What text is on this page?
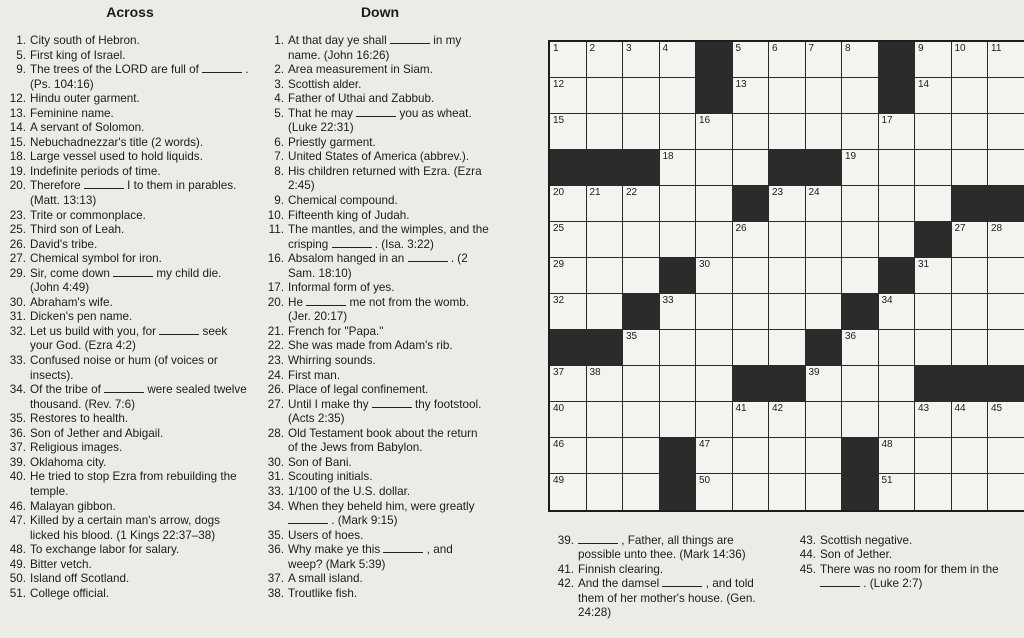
Across	Down
1. City south of Hebron.
5. First king of Israel.
9. The trees of the LORD are full of	. (Ps. 104:16)
12. Hindu outer garment.
13. Feminine name.
14. A servant of Solomon.
15. Nebuchadnezzar's title (2 words).
18. Large vessel used to hold liquids.
19. Indefinite periods of time.
20. Therefore	I to them in parables. (Matt. 13:13)
23. Trite or commonplace.
25. Third son of Leah.
26. David's tribe.
27. Chemical symbol for iron.
29. Sir, come down	my child die. (John 4:49)
30. Abraham's wife.
31. Dicken's pen name.
32. Let us build with you, for	seek your God. (Ezra 4:2)
33. Confused noise or hum (of voices or insects).
34. Of the tribe of	were sealed twelve thousand. (Rev. 7:6)
35. Restores to health.
36. Son of Jether and Abigail.
37. Religious images.
39. Oklahoma city.
40. He tried to stop Ezra from rebuilding the temple.
46. Malayan gibbon.
47. Killed by a certain man's arrow, dogs licked his blood. (1 Kings 22:37–38)
48. To exchange labor for salary.
49. Bitter vetch.
50. Island off Scotland.
51. College official.
1. At that day ye shall	in my name. (John 16:26)
2. Area measurement in Siam.
3. Scottish alder.
4. Father of Uthai and Zabbub.
5. That he may	you as wheat. (Luke 22:31)
6. Priestly garment.
7. United States of America (abbrev.).
8. His children returned with Ezra. (Ezra 2:45)
9. Chemical compound.
10. Fifteenth king of Judah.
11. The mantles, and the wimples, and the crisping	. (Isa. 3:22)
16. Absalom hanged in an	. (2 Sam. 18:10)
17. Informal form of yes.
20. He	me not from the womb. (Jer. 20:17)
21. French for "Papa."
22. She was made from Adam's rib.
23. Whirring sounds.
24. First man.
26. Place of legal confinement.
27. Until I make thy	thy footstool. (Acts 2:35)
28. Old Testament book about the return of the Jews from Babylon.
30. Son of Bani.
31. Scouting initials.
33. 1/100 of the U.S. dollar.
34. When they beheld him, were greatly  . (Mark 9:15)
35. Users of hoes.
36. Why make ye this	, and weep? (Mark 5:39)
37. A small island.
38. Troutlike fish.
1	2	3	4	5	6	7	8	9	10	11
12	13	14
15	16	17
18	19
20	21	22	23	24
25	26	27	28
29	30	31
32	33	34
35	36
37	38	39
40	41	42	43	44	45
46	47	48
49	50	51
39.	, Father, all things are possible unto thee. (Mark 14:36)
41. Finnish clearing.
42. And the damsel	, and told them of her mother's house. (Gen. 24:28)
43. Scottish negative.
44. Son of Jether.
45. There was no room for them in the  . (Luke 2:7)
